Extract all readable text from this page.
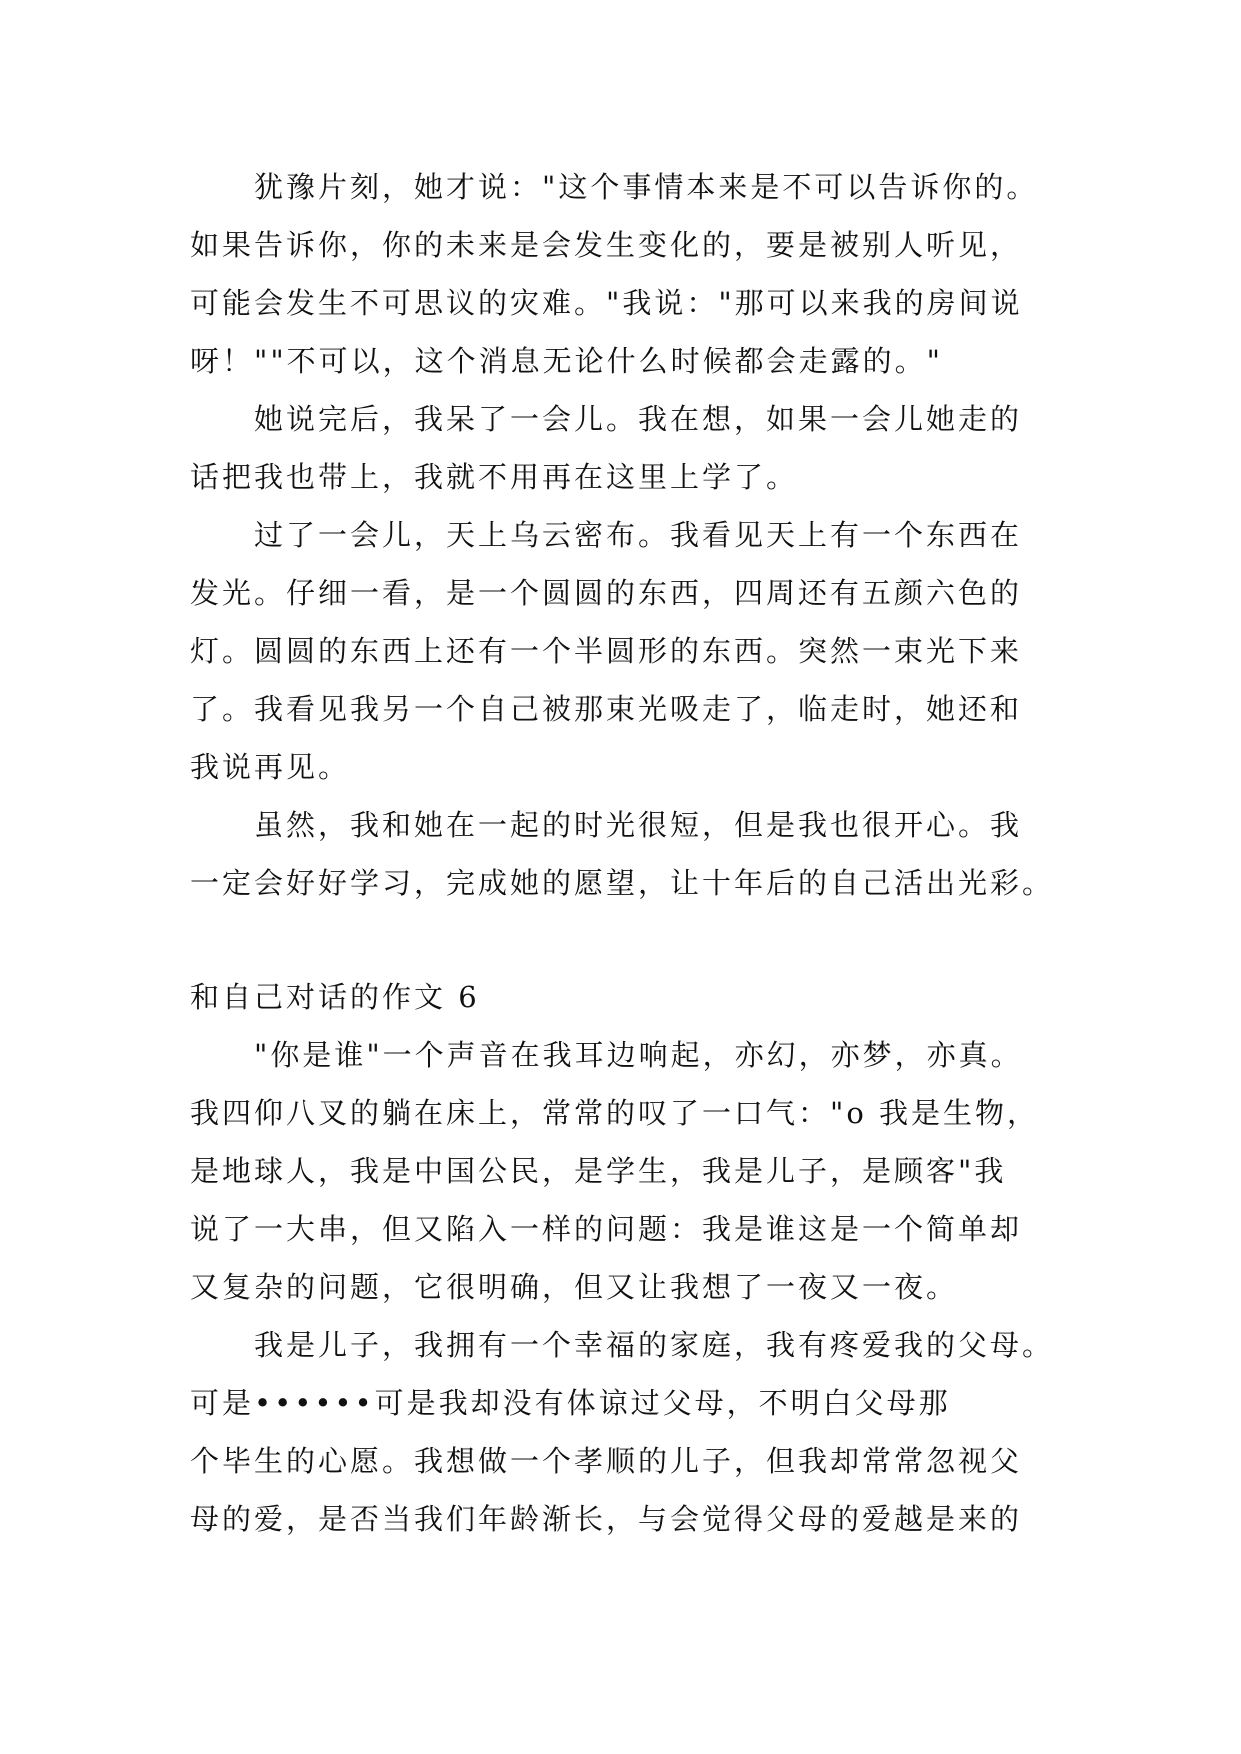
犹豫片刻，她才说："这个事情本来是不可以告诉你的。
如果告诉你，你的未来是会发生变化的，要是被别人听见，
可能会发生不可思议的灾难。"我说："那可以来我的房间说
呀！""不可以，这个消息无论什么时候都会走露的。"
她说完后，我呆了一会儿。我在想，如果一会儿她走的
话把我也带上，我就不用再在这里上学了。
过了一会儿，天上乌云密布。我看见天上有一个东西在
发光。仔细一看，是一个圆圆的东西，四周还有五颜六色的
灯。圆圆的东西上还有一个半圆形的东西。突然一束光下来
了。我看见我另一个自己被那束光吸走了，临走时，她还和
我说再见。
虽然，我和她在一起的时光很短，但是我也很开心。我
一定会好好学习，完成她的愿望，让十年后的自己活出光彩。
和自己对话的作文 6
"你是谁"一个声音在我耳边响起，亦幻，亦梦，亦真。
我四仰八叉的躺在床上，常常的叹了一口气："o 我是生物，
是地球人，我是中国公民，是学生，我是儿子，是顾客"我
说了一大串，但又陷入一样的问题：我是谁这是一个简单却
又复杂的问题，它很明确，但又让我想了一夜又一夜。
我是儿子，我拥有一个幸福的家庭，我有疼爱我的父母。
可是••••••可是我却没有体谅过父母，不明白父母那
个毕生的心愿。我想做一个孝顺的儿子，但我却常常忽视父
母的爱，是否当我们年龄渐长，与会觉得父母的爱越是来的
